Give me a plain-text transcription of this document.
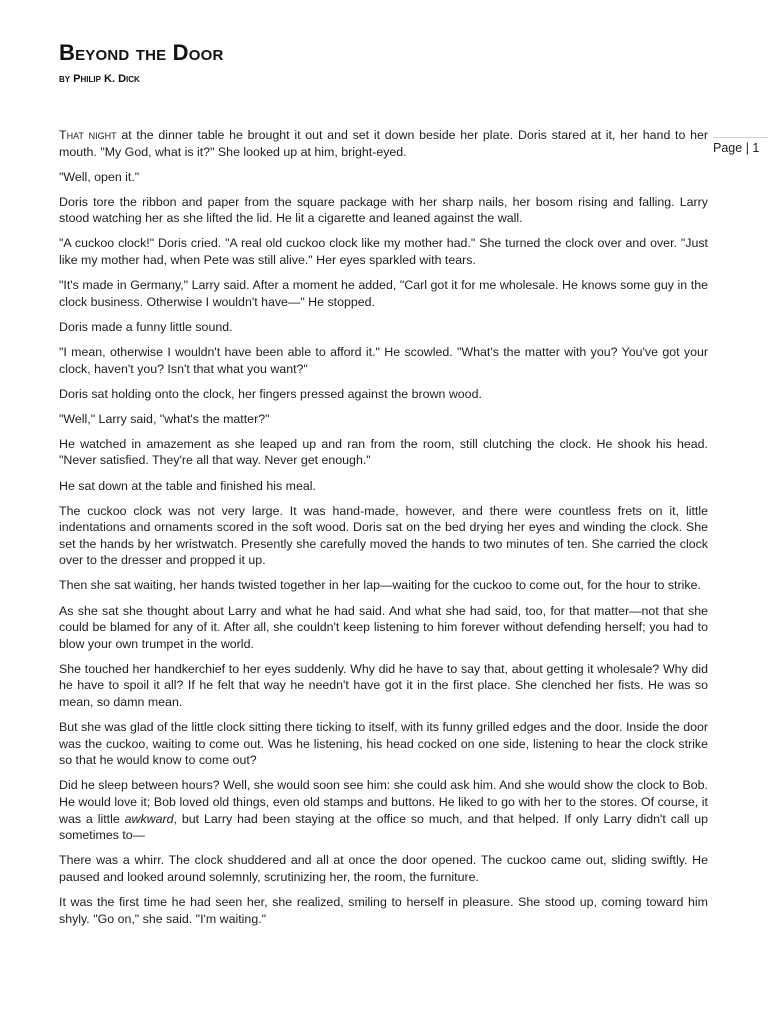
Beyond the Door
by Philip K. Dick
Page | 1

That night at the dinner table he brought it out and set it down beside her plate. Doris stared at it, her hand to her mouth. "My God, what is it?" She looked up at him, bright-eyed.

"Well, open it."

Doris tore the ribbon and paper from the square package with her sharp nails, her bosom rising and falling. Larry stood watching her as she lifted the lid. He lit a cigarette and leaned against the wall.

"A cuckoo clock!" Doris cried. "A real old cuckoo clock like my mother had." She turned the clock over and over. "Just like my mother had, when Pete was still alive." Her eyes sparkled with tears.

"It's made in Germany," Larry said. After a moment he added, "Carl got it for me wholesale. He knows some guy in the clock business. Otherwise I wouldn't have—" He stopped.

Doris made a funny little sound.

"I mean, otherwise I wouldn't have been able to afford it." He scowled. "What's the matter with you? You've got your clock, haven't you? Isn't that what you want?"

Doris sat holding onto the clock, her fingers pressed against the brown wood.

"Well," Larry said, "what's the matter?"

He watched in amazement as she leaped up and ran from the room, still clutching the clock. He shook his head. "Never satisfied. They're all that way. Never get enough."

He sat down at the table and finished his meal.

The cuckoo clock was not very large. It was hand-made, however, and there were countless frets on it, little indentations and ornaments scored in the soft wood. Doris sat on the bed drying her eyes and winding the clock. She set the hands by her wristwatch. Presently she carefully moved the hands to two minutes of ten. She carried the clock over to the dresser and propped it up.

Then she sat waiting, her hands twisted together in her lap—waiting for the cuckoo to come out, for the hour to strike.

As she sat she thought about Larry and what he had said. And what she had said, too, for that matter—not that she could be blamed for any of it. After all, she couldn't keep listening to him forever without defending herself; you had to blow your own trumpet in the world.

She touched her handkerchief to her eyes suddenly. Why did he have to say that, about getting it wholesale? Why did he have to spoil it all? If he felt that way he needn't have got it in the first place. She clenched her fists. He was so mean, so damn mean.

But she was glad of the little clock sitting there ticking to itself, with its funny grilled edges and the door. Inside the door was the cuckoo, waiting to come out. Was he listening, his head cocked on one side, listening to hear the clock strike so that he would know to come out?

Did he sleep between hours? Well, she would soon see him: she could ask him. And she would show the clock to Bob. He would love it; Bob loved old things, even old stamps and buttons. He liked to go with her to the stores. Of course, it was a little awkward, but Larry had been staying at the office so much, and that helped. If only Larry didn't call up sometimes to—

There was a whirr. The clock shuddered and all at once the door opened. The cuckoo came out, sliding swiftly. He paused and looked around solemnly, scrutinizing her, the room, the furniture.

It was the first time he had seen her, she realized, smiling to herself in pleasure. She stood up, coming toward him shyly. "Go on," she said. "I'm waiting."
